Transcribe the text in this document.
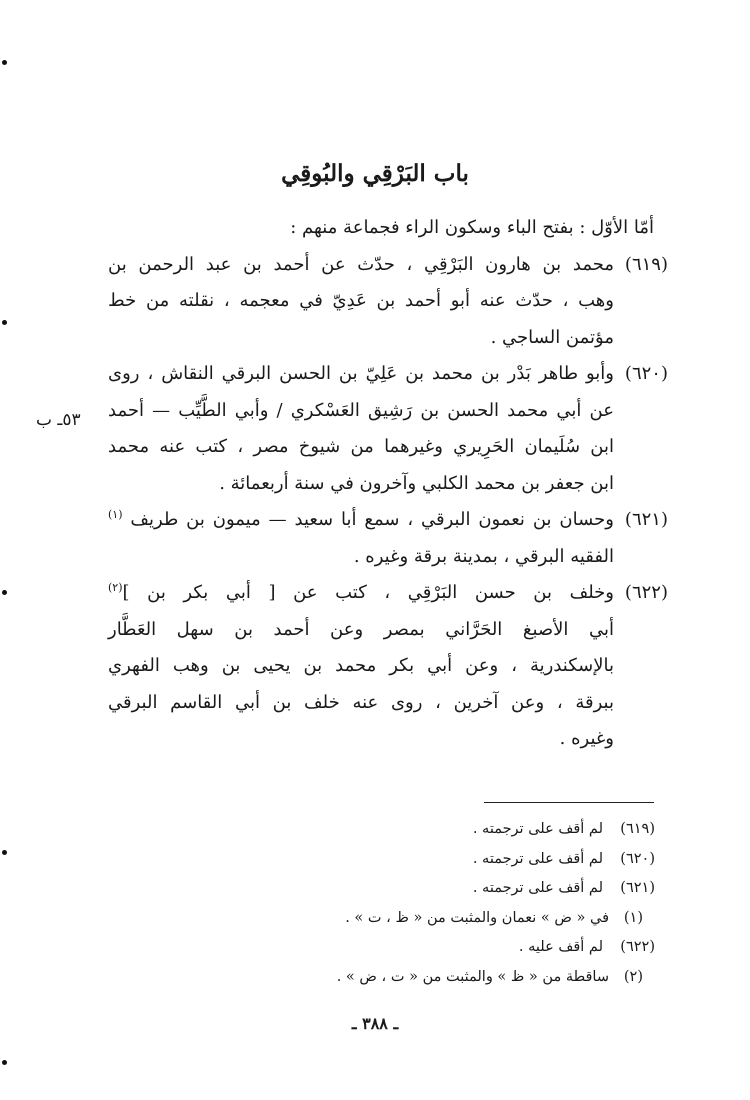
باب البَرْقِي والبُوقِي
أمّا الأوّل : بفتح الباء وسكون الراء فجماعة منهم :
(٦١٩)
محمد بن هارون البَرْقِي ، حدّث عن أحمد بن عبد الرحمن بن
وهب ، حدّث عنه أبو أحمد بن عَدِيّ في معجمه ، نقلته من خط
مؤتمن الساجي .
(٦٢٠)
وأبو طاهر بَدْر بن محمد بن عَلِيّ بن الحسن البرقي النقاش ، روى
عن أبي محمد الحسن بن رَشِيق العَسْكري / وأبي الطَّيِّب — أحمد
ابن سُلَيمان الحَرِيري وغيرهما من شيوخ مصر ، كتب عنه محمد
ابن جعفر بن محمد الكلبي وآخرون في سنة أربعمائة .
(٦٢١)
وحسان بن نعمون البرقي ، سمع أبا سعيد — ميمون بن طريف $^{(١)}$
الفقيه البرقي ، بمدينة برقة وغيره .
(٦٢٢)
وخلف بن حسن البَرْقِي ، كتب عن [ أبي بكر بن ]$^{(٢)}$
أبي الأصبغ الحَرَّاني بمصر وعن أحمد بن سهل العَطَّار
بالإسكندرية ، وعن أبي بكر محمد بن يحيى بن وهب الفهري
ببرقة ، وعن آخرين ، روى عنه خلف بن أبي القاسم البرقي
وغيره .
٥٣ـ ب
(٦١٩)لم أقف على ترجمته .
(٦٢٠)لم أقف على ترجمته .
(٦٢١)لم أقف على ترجمته .
(١)في « ض » نعمان والمثبت من « ظ ، ت » .
(٦٢٢)لم أقف عليه .
(٢)ساقطة من « ظ » والمثبت من « ت ، ض » .
ـ ٣٨٨ ـ
